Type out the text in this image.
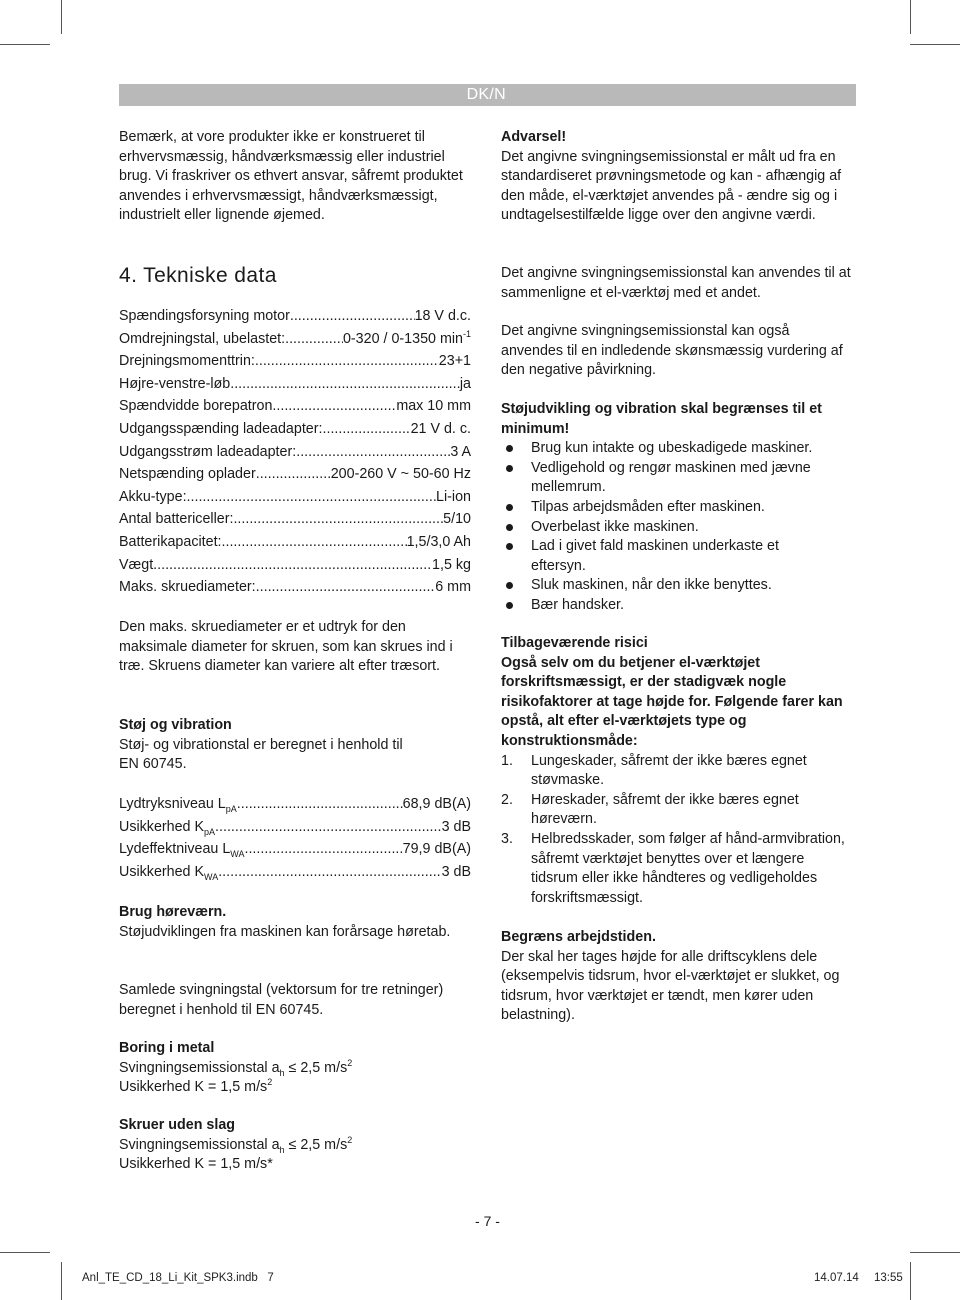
DK/N

Bemærk, at vore produkter ikke er konstrueret til erhvervsmæssig, håndværksmæssig eller industriel brug. Vi fraskriver os ethvert ansvar, såfremt produktet anvendes i erhvervsmæssigt, håndværksmæssigt, industrielt eller lignende øjemed.

4. Tekniske data
Spændingsforsyning motor .....	18 V d.c.
Omdrejningstal, ubelastet: .....	0-320 / 0-1350 $\min^{-1}$
Drejningsmomenttrin: .....	23+1
Højre-venstre-løb .....	ja
Spændvidde borepatron .....	max 10 mm
Udgangsspænding ladeadapter: .....	21 V d. c.
Udgangsstrøm ladeadapter: .....	3 A
Netspænding oplader .....	200-260 V ~ 50-60 Hz
Akku-type: .....	Li-ion
Antal battericeller: .....	5/10
Batterikapacitet: .....	1,5/3,0 Ah
Vægt .....	1,5 kg
Maks. skruediameter: .....	6 mm

Den maks. skruediameter er et udtryk for den maksimale diameter for skruen, som kan skrues ind i træ. Skruens diameter kan variere alt efter træsort.

Støj og vibration

Støj- og vibrationstal er beregnet i henhold til

EN 60745.

Lydtryksniveau $L_{pA}$ .....	68,9 dB(A)
Usikkerhed $K_{pA}$ .....	3 dB
Lydeffektniveau $L_{WA}$ .....	79,9 dB(A)
Usikkerhed $K_{WA}$ .....	3 dB

Brug høreværn.

Støjudviklingen fra maskinen kan forårsage høretab.

Samlede svingningstal (vektorsum for tre retninger) beregnet i henhold til EN 60745.

Boring i metal

Svingningsemissionstal $a_h \le 2,5$ $m/s^2$

Usikkerhed K = 1,5 $m/s^2$

Skruer uden slag

Svingningsemissionstal $a_h \le 2,5$ $m/s^2$

Usikkerhed K = 1,5 m/s*

Advarsel!

Det angivne svingningsemissionstal er målt ud fra en standardiseret prøvningsmetode og kan - afhængig af den måde, el-værktøjet anvendes på - ændre sig og i undtagelsestilfælde ligge over den angivne værdi.

Det angivne svingningsemissionstal kan anvendes til at sammenligne et el-værktøj med et andet.

Det angivne svingningsemissionstal kan også anvendes til en indledende skønsmæssig vurdering af den negative påvirkning.

Støjudvikling og vibration skal begrænses til et minimum!

Brug kun intakte og ubeskadigede maskiner.
Vedligehold og rengør maskinen med jævne mellemrum.
Tilpas arbejdsmåden efter maskinen.
Overbelast ikke maskinen.
Lad i givet fald maskinen underkaste et eftersyn.
Sluk maskinen, når den ikke benyttes.
Bær handsker.

Tilbageværende risici

Også selv om du betjener el-værktøjet forskriftsmæssigt, er der stadigvæk nogle risikofaktorer at tage højde for. Følgende farer kan opstå, alt efter el-værktøjets type og konstruktionsmåde:

1. Lungeskader, såfremt der ikke bæres egnet støvmaske.
2. Høreskader, såfremt der ikke bæres egnet høreværn.
3. Helbredsskader, som følger af hånd-armvibration, såfremt værktøjet benyttes over et længere tidsrum eller ikke håndteres og vedligeholdes forskriftsmæssigt.

Begræns arbejdstiden.

Der skal her tages højde for alle driftscyklens dele (eksempelvis tidsrum, hvor el-værktøjet er slukket, og tidsrum, hvor værktøjet er tændt, men kører uden belastning).

- 7 -
Anl_TE_CD_18_Li_Kit_SPK3.indb   7	14.07.14 13:55
